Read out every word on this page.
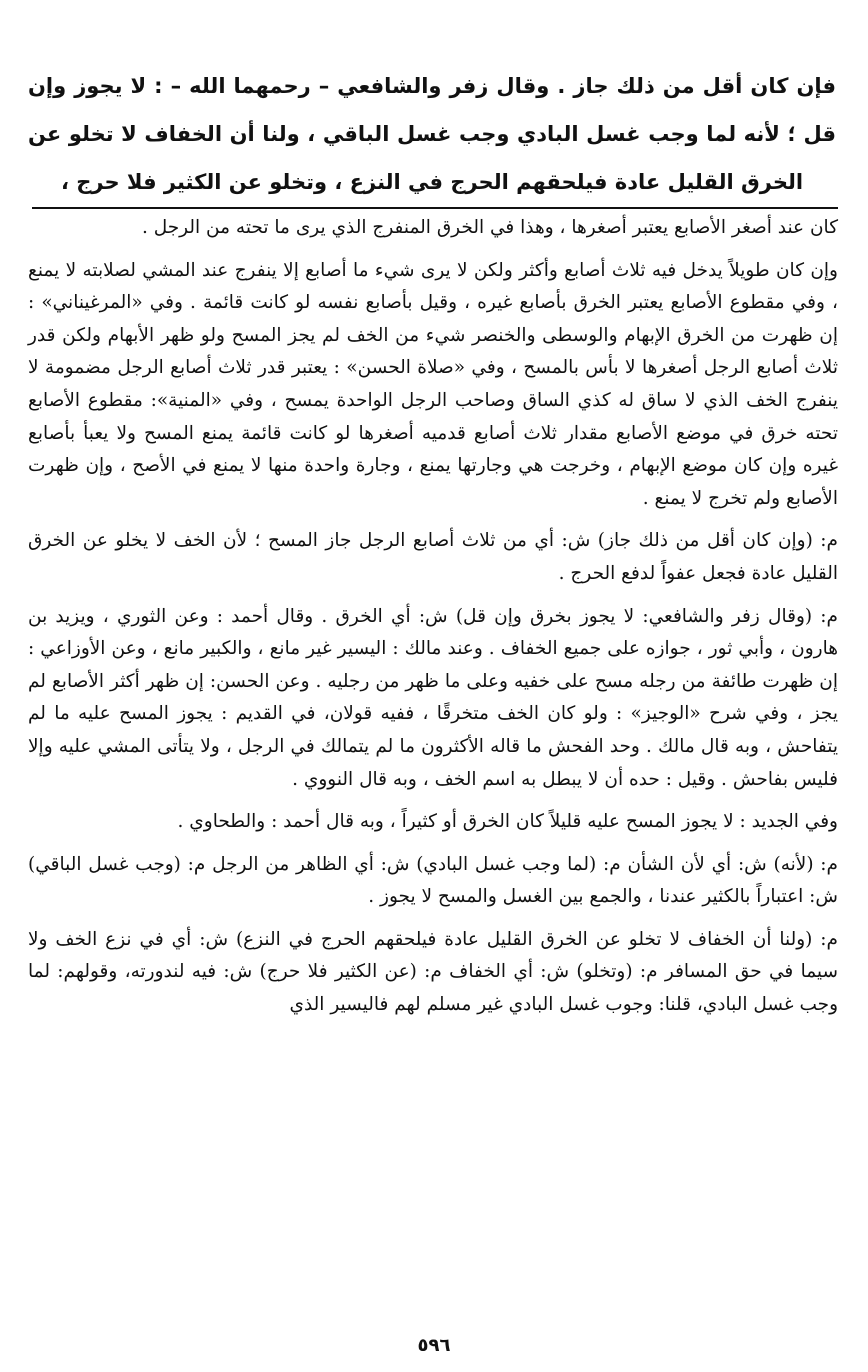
فإن كان أقل من ذلك جاز . وقال زفر والشافعي – رحمهما الله – : لا يجوز وإن قل ؛ لأنه لما وجب غسل البادي وجب غسل الباقي ، ولنا أن الخفاف لا تخلو عن الخرق القليل عادة فيلحقهم الحرج في النزع ، وتخلو عن الكثير فلا حرج ،

كان عند أصغر الأصابع يعتبر أصغرها ، وهذا في الخرق المنفرج الذي يرى ما تحته من الرجل .

وإن كان طويلاً يدخل فيه ثلاث أصابع وأكثر ولكن لا يرى شيء ما أصابع إلا ينفرج عند المشي لصلابته لا يمنع ، وفي مقطوع الأصابع يعتبر الخرق بأصابع غيره ، وقيل بأصابع نفسه لو كانت قائمة . وفي «المرغيناني» : إن ظهرت من الخرق الإبهام والوسطى والخنصر شيء من الخف لم يجز المسح ولو ظهر الأبهام ولكن قدر ثلاث أصابع الرجل أصغرها لا بأس بالمسح ، وفي «صلاة الحسن» : يعتبر قدر ثلاث أصابع الرجل مضمومة لا ينفرج الخف الذي لا ساق له كذي الساق وصاحب الرجل الواحدة يمسح ، وفي «المنية»: مقطوع الأصابع تحته خرق في موضع الأصابع مقدار ثلاث أصابع قدميه أصغرها لو كانت قائمة يمنع المسح ولا يعبأ بأصابع غيره وإن كان موضع الإبهام ، وخرجت هي وجارتها يمنع ، وجارة واحدة منها لا يمنع في الأصح ، وإن ظهرت الأصابع ولم تخرج لا يمنع .

م: (وإن كان أقل من ذلك جاز) ش: أي من ثلاث أصابع الرجل جاز المسح ؛ لأن الخف لا يخلو عن الخرق القليل عادة فجعل عفواً لدفع الحرج .

م: (وقال زفر والشافعي: لا يجوز بخرق وإن قل) ش: أي الخرق . وقال أحمد : وعن الثوري ، ويزيد بن هارون ، وأبي ثور ، جوازه على جميع الخفاف . وعند مالك : اليسير غير مانع ، والكبير مانع ، وعن الأوزاعي : إن ظهرت طائفة من رجله مسح على خفيه وعلى ما ظهر من رجليه . وعن الحسن: إن ظهر أكثر الأصابع لم يجز ، وفي شرح «الوجيز» : ولو كان الخف متخرقًا ، ففيه قولان، في القديم : يجوز المسح عليه ما لم يتفاحش ، وبه قال مالك . وحد الفحش ما قاله الأكثرون ما لم يتمالك في الرجل ، ولا يتأتى المشي عليه وإلا فليس بفاحش . وقيل : حده أن لا يبطل به اسم الخف ، وبه قال النووي .

وفي الجديد : لا يجوز المسح عليه قليلاً كان الخرق أو كثيراً ، وبه قال أحمد : والطحاوي .

م: (لأنه) ش: أي لأن الشأن م: (لما وجب غسل البادي) ش: أي الظاهر من الرجل م: (وجب غسل الباقي) ش: اعتباراً بالكثير عندنا ، والجمع بين الغسل والمسح لا يجوز .

م: (ولنا أن الخفاف لا تخلو عن الخرق القليل عادة فيلحقهم الحرج في النزع) ش: أي في نزع الخف ولا سيما في حق المسافر م: (وتخلو) ش: أي الخفاف م: (عن الكثير فلا حرج) ش: فيه لندورته، وقولهم: لما وجب غسل البادي، قلنا: وجوب غسل البادي غير مسلم لهم فاليسير الذي

٥٩٦
